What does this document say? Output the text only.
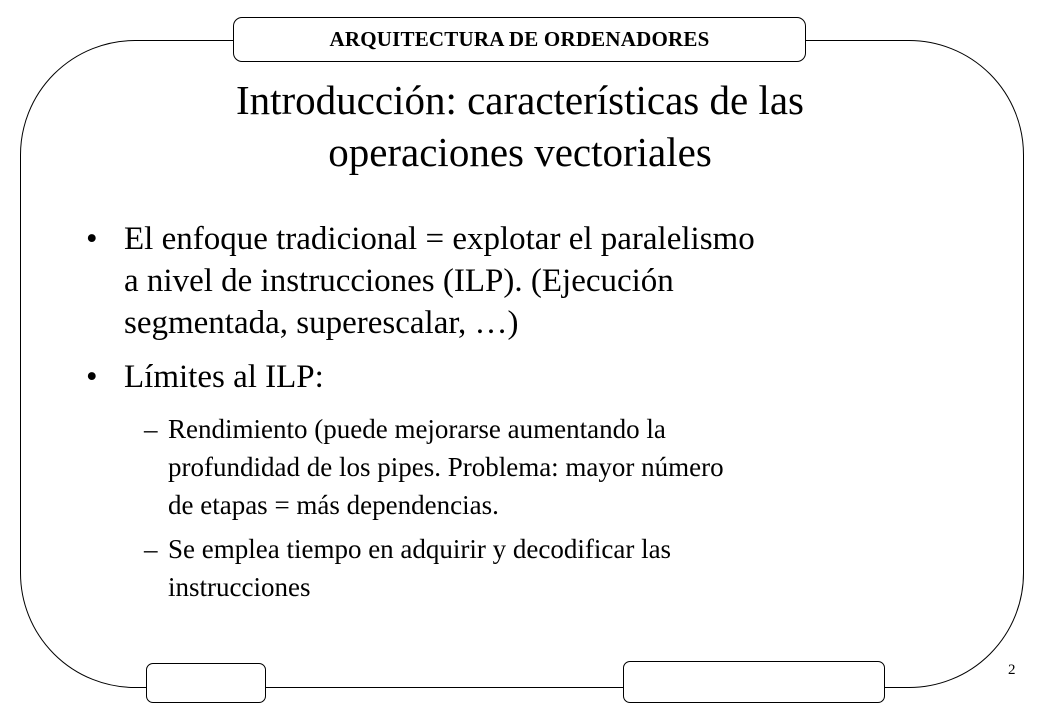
ARQUITECTURA DE ORDENADORES
Introducción: características de las
operaciones vectoriales
• El enfoque tradicional = explotar el paralelismo
a nivel de instrucciones (ILP). (Ejecución
segmentada, superescalar, …)
• Límites al ILP:
– Rendimiento (puede mejorarse aumentando la
profundidad de los pipes. Problema: mayor número
de etapas = más dependencias.
– Se emplea tiempo en adquirir y decodificar las
instrucciones
2
